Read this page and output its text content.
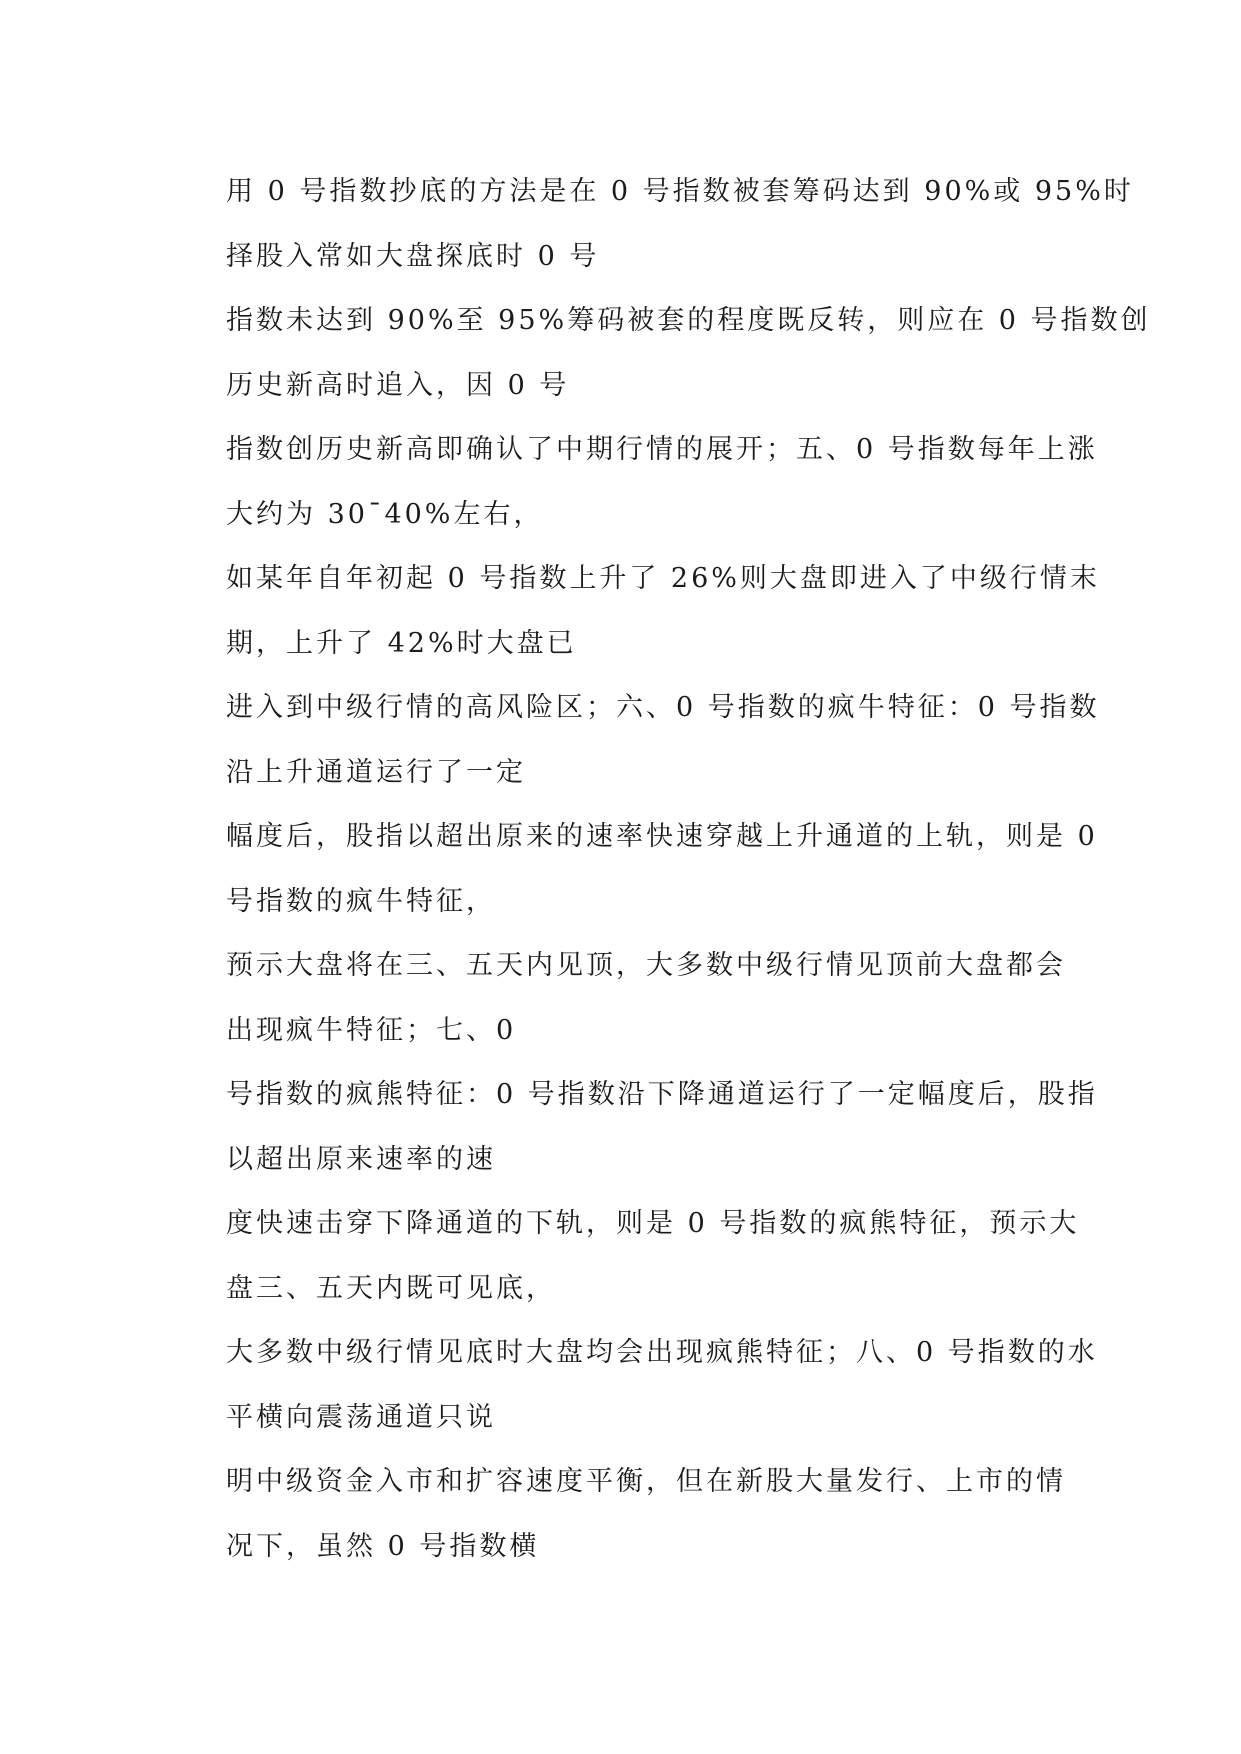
用 0 号指数抄底的方法是在 0 号指数被套筹码达到 90%或 95%时
择股入常如大盘探底时 0 号
指数未达到 90%至 95%筹码被套的程度既反转，则应在 0 号指数创
历史新高时追入，因 0 号
指数创历史新高即确认了中期行情的展开；五、0 号指数每年上涨
大约为 30¯40%左右，
如某年自年初起 0 号指数上升了 26%则大盘即进入了中级行情末
期，上升了 42%时大盘已
进入到中级行情的高风险区；六、0 号指数的疯牛特征：0 号指数
沿上升通道运行了一定
幅度后，股指以超出原来的速率快速穿越上升通道的上轨，则是 0
号指数的疯牛特征，
预示大盘将在三、五天内见顶，大多数中级行情见顶前大盘都会
出现疯牛特征；七、0
号指数的疯熊特征：0 号指数沿下降通道运行了一定幅度后，股指
以超出原来速率的速
度快速击穿下降通道的下轨，则是 0 号指数的疯熊特征，预示大
盘三、五天内既可见底，
大多数中级行情见底时大盘均会出现疯熊特征；八、0 号指数的水
平横向震荡通道只说
明中级资金入市和扩容速度平衡，但在新股大量发行、上市的情
况下，虽然 0 号指数横
